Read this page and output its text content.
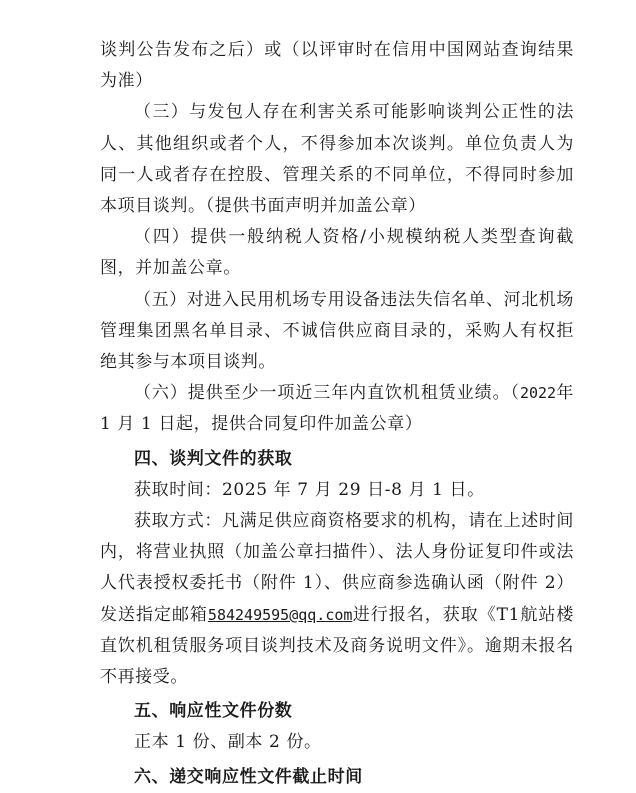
谈判公告发布之后）或（以评审时在信用中国网站查询结果为准）

（三）与发包人存在利害关系可能影响谈判公正性的法人、其他组织或者个人，不得参加本次谈判。单位负责人为同一人或者存在控股、管理关系的不同单位，不得同时参加本项目谈判。（提供书面声明并加盖公章）

（四）提供一般纳税人资格/小规模纳税人类型查询截图，并加盖公章。

（五）对进入民用机场专用设备违法失信名单、河北机场管理集团黑名单目录、不诚信供应商目录的，采购人有权拒绝其参与本项目谈判。

（六）提供至少一项近三年内直饮机租赁业绩。（2022年 1 月 1 日起，提供合同复印件加盖公章）

四、谈判文件的获取

获取时间：2025 年 7 月 29 日-8 月 1 日。

获取方式：凡满足供应商资格要求的机构，请在上述时间内，将营业执照（加盖公章扫描件）、法人身份证复印件或法人代表授权委托书（附件 1）、供应商参选确认函（附件 2）发送指定邮箱584249595@qq.com进行报名，获取《T1航站楼直饮机租赁服务项目谈判技术及商务说明文件》。逾期未报名不再接受。

五、响应性文件份数

正本 1 份、副本 2 份。

六、递交响应性文件截止时间
